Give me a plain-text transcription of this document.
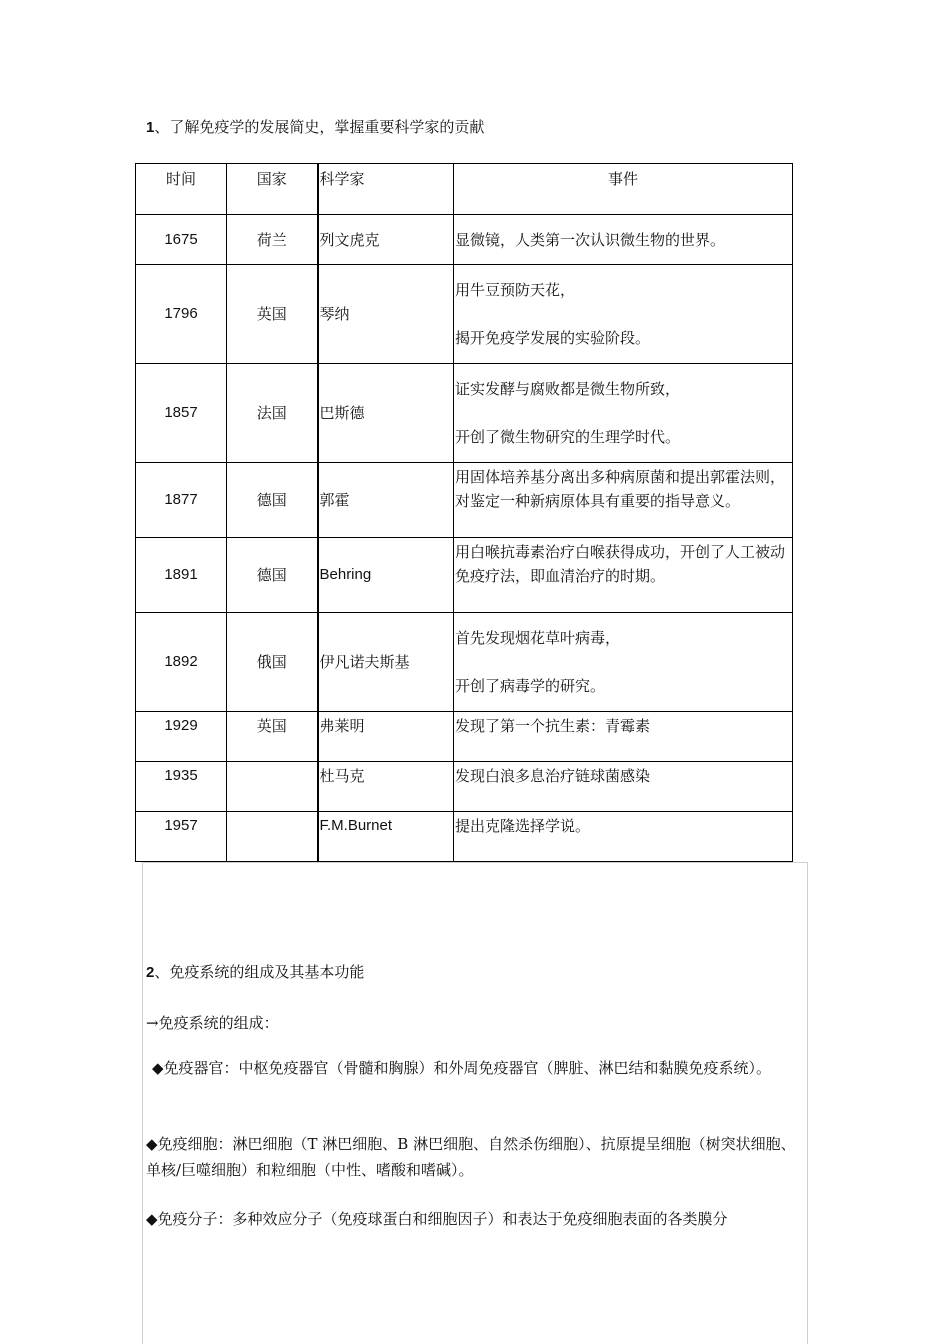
1、了解免疫学的发展简史，掌握重要科学家的贡献
时间	国家	科学家	事件
1675	荷兰	列文虎克	显微镜，人类第一次认识微生物的世界。

1796	英国	琴纳	用牛豆预防天花，

揭开免疫学发展的实验阶段。

1857	法国	巴斯德	证实发酵与腐败都是微生物所致，

开创了微生物研究的生理学时代。

1877	德国	郭霍	用固体培养基分离出多种病原菌和提出郭霍法则，对鉴定一种新病原体具有重要的指导意义。

1891	德国	Behring	用白喉抗毒素治疗白喉获得成功，开创了人工被动免疫疗法，即血清治疗的时期。

1892	俄国	伊凡诺夫斯基	首先发现烟花草叶病毒，

开创了病毒学的研究。

1929	英国	弗莱明	发现了第一个抗生素：青霉素

1935		杜马克	发现白浪多息治疗链球菌感染

1957		F.M.Burnet	提出克隆选择学说。

2、免疫系统的组成及其基本功能
→免疫系统的组成：
◆免疫器官：中枢免疫器官（骨髓和胸腺）和外周免疫器官（脾脏、淋巴结和黏膜免疫系统）。
◆免疫细胞：淋巴细胞（T 淋巴细胞、B 淋巴细胞、自然杀伤细胞）、抗原提呈细胞（树突状细胞、单核/巨噬细胞）和粒细胞（中性、嗜酸和嗜碱）。
◆免疫分子：多种效应分子（免疫球蛋白和细胞因子）和表达于免疫细胞表面的各类膜分
